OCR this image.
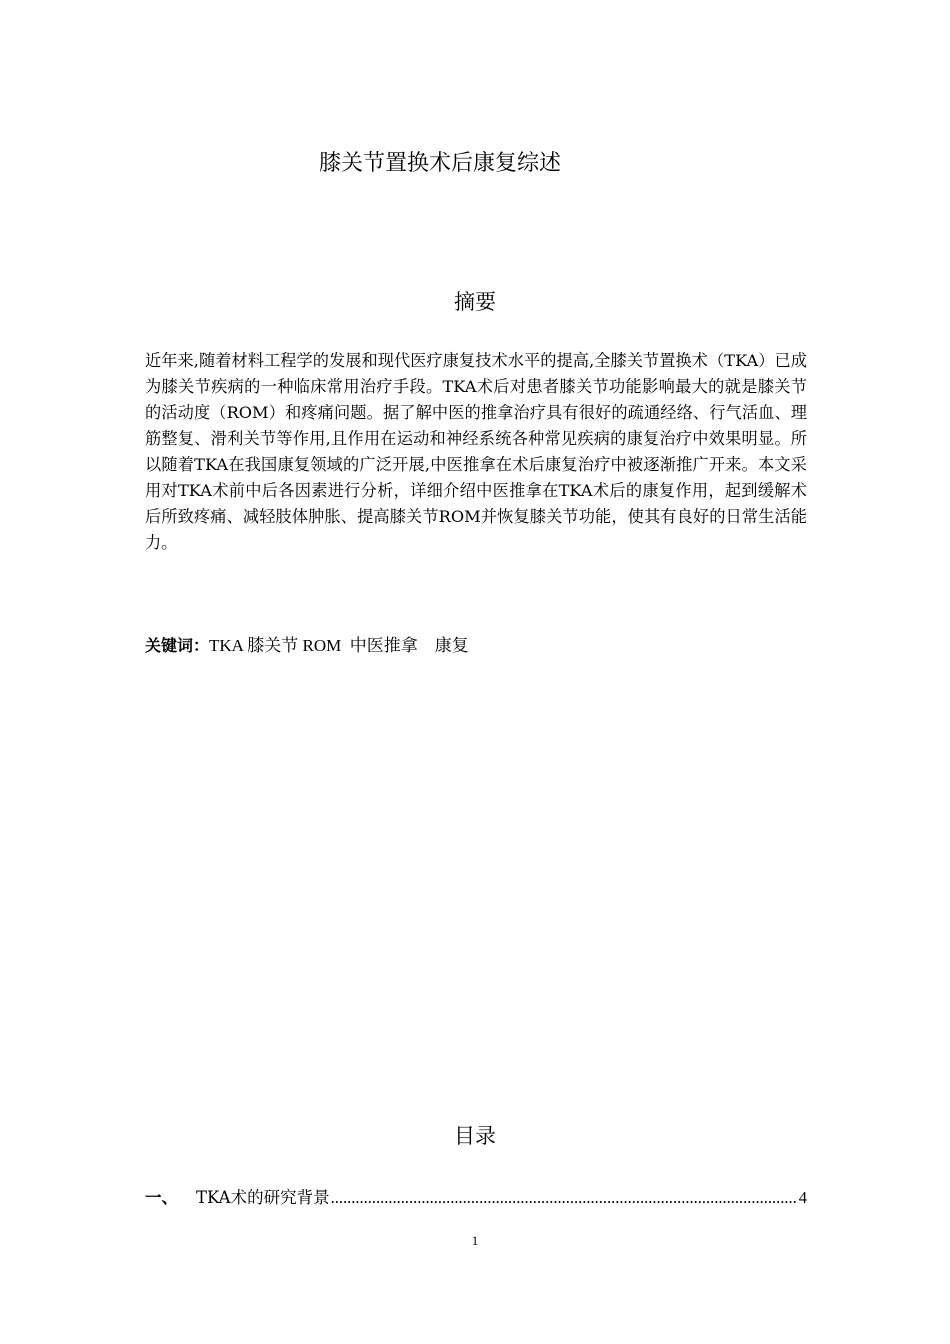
膝关节置换术后康复综述
摘要

近年来,随着材料工程学的发展和现代医疗康复技术水平的提高,全膝关节置换术（TKA）已成为膝关节疾病的一种临床常用治疗手段。TKA术后对患者膝关节功能影响最大的就是膝关节的活动度（ROM）和疼痛问题。据了解中医的推拿治疗具有很好的疏通经络、行气活血、理筋整复、滑利关节等作用,且作用在运动和神经系统各种常见疾病的康复治疗中效果明显。所以随着TKA在我国康复领域的广泛开展,中医推拿在术后康复治疗中被逐渐推广开来。本文采用对TKA术前中后各因素进行分析，详细介绍中医推拿在TKA术后的康复作用，起到缓解术后所致疼痛、减轻肢体肿胀、提高膝关节ROM并恢复膝关节功能，使其有良好的日常生活能力。

关键词：TKA 膝关节 ROM  中医推拿    康复

目录
一、 TKA术的研究背景
.....	4
1
